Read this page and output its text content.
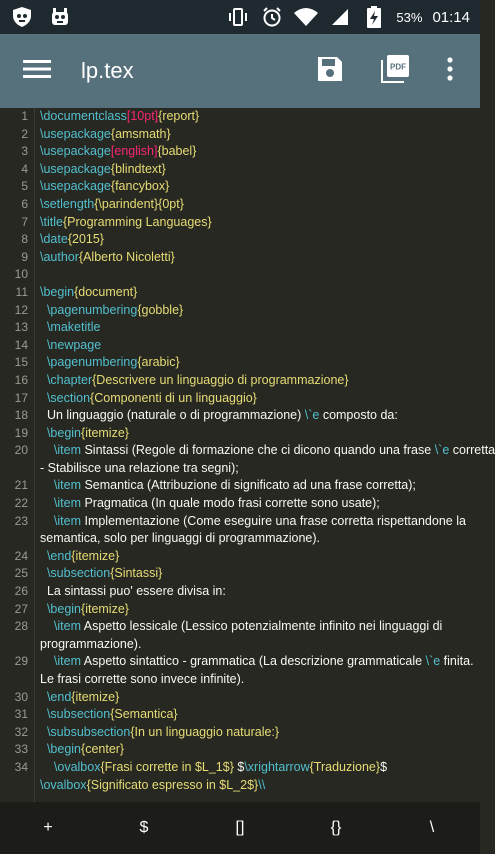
53% 01:14
lp.tex	PDF
1 \documentclass[10pt]{report}
2 \usepackage{amsmath}
3 \usepackage[english]{babel}
4 \usepackage{blindtext}
5 \usepackage{fancybox}
6 \setlength{\parindent}{0pt}
7 \title{Programming Languages}
8 \date{2015}
9 \author{Alberto Nicoletti}
10

11 \begin{document}
12	\pagenumbering{gobble}
13	\maketitle
14	\newpage
15	\pagenumbering{arabic}
16	\chapter{Descrivere un linguaggio di programmazione}
17	\section{Componenti di un linguaggio}
18 Un linguaggio (naturale o di programmazione) \`e composto da:
19	\begin{itemize}
20	\item Sintassi (Regole di formazione che ci dicono quando una frase \`e corretta
- Stabilisce una relazione tra segni);
21	\item Semantica (Attribuzione di significato ad una frase corretta);
22	\item Pragmatica (In quale modo frasi corrette sono usate);
23	\item Implementazione (Come eseguire una frase corretta rispettandone la semantica, solo per linguaggi di programmazione).
24	\end{itemize}
25	\subsection{Sintassi}
26 La sintassi puo' essere divisa in:
27	\begin{itemize}
28	\item Aspetto lessicale (Lessico potenzialmente infinito nei linguaggi di programmazione).
29	\item Aspetto sintattico - grammatica (La descrizione grammaticale \`e finita. Le frasi corrette sono invece infinite).
30	\end{itemize}
31	\subsection{Semantica}
32	\subsubsection{In un linguaggio naturale:}
33	\begin{center}
34	\ovalbox{Frasi corrette in $L_1$} $\xrightarrow{Traduzione}$ \ovalbox{Significato espresso in $L_2$}\\
+	$	[]	{}	\
